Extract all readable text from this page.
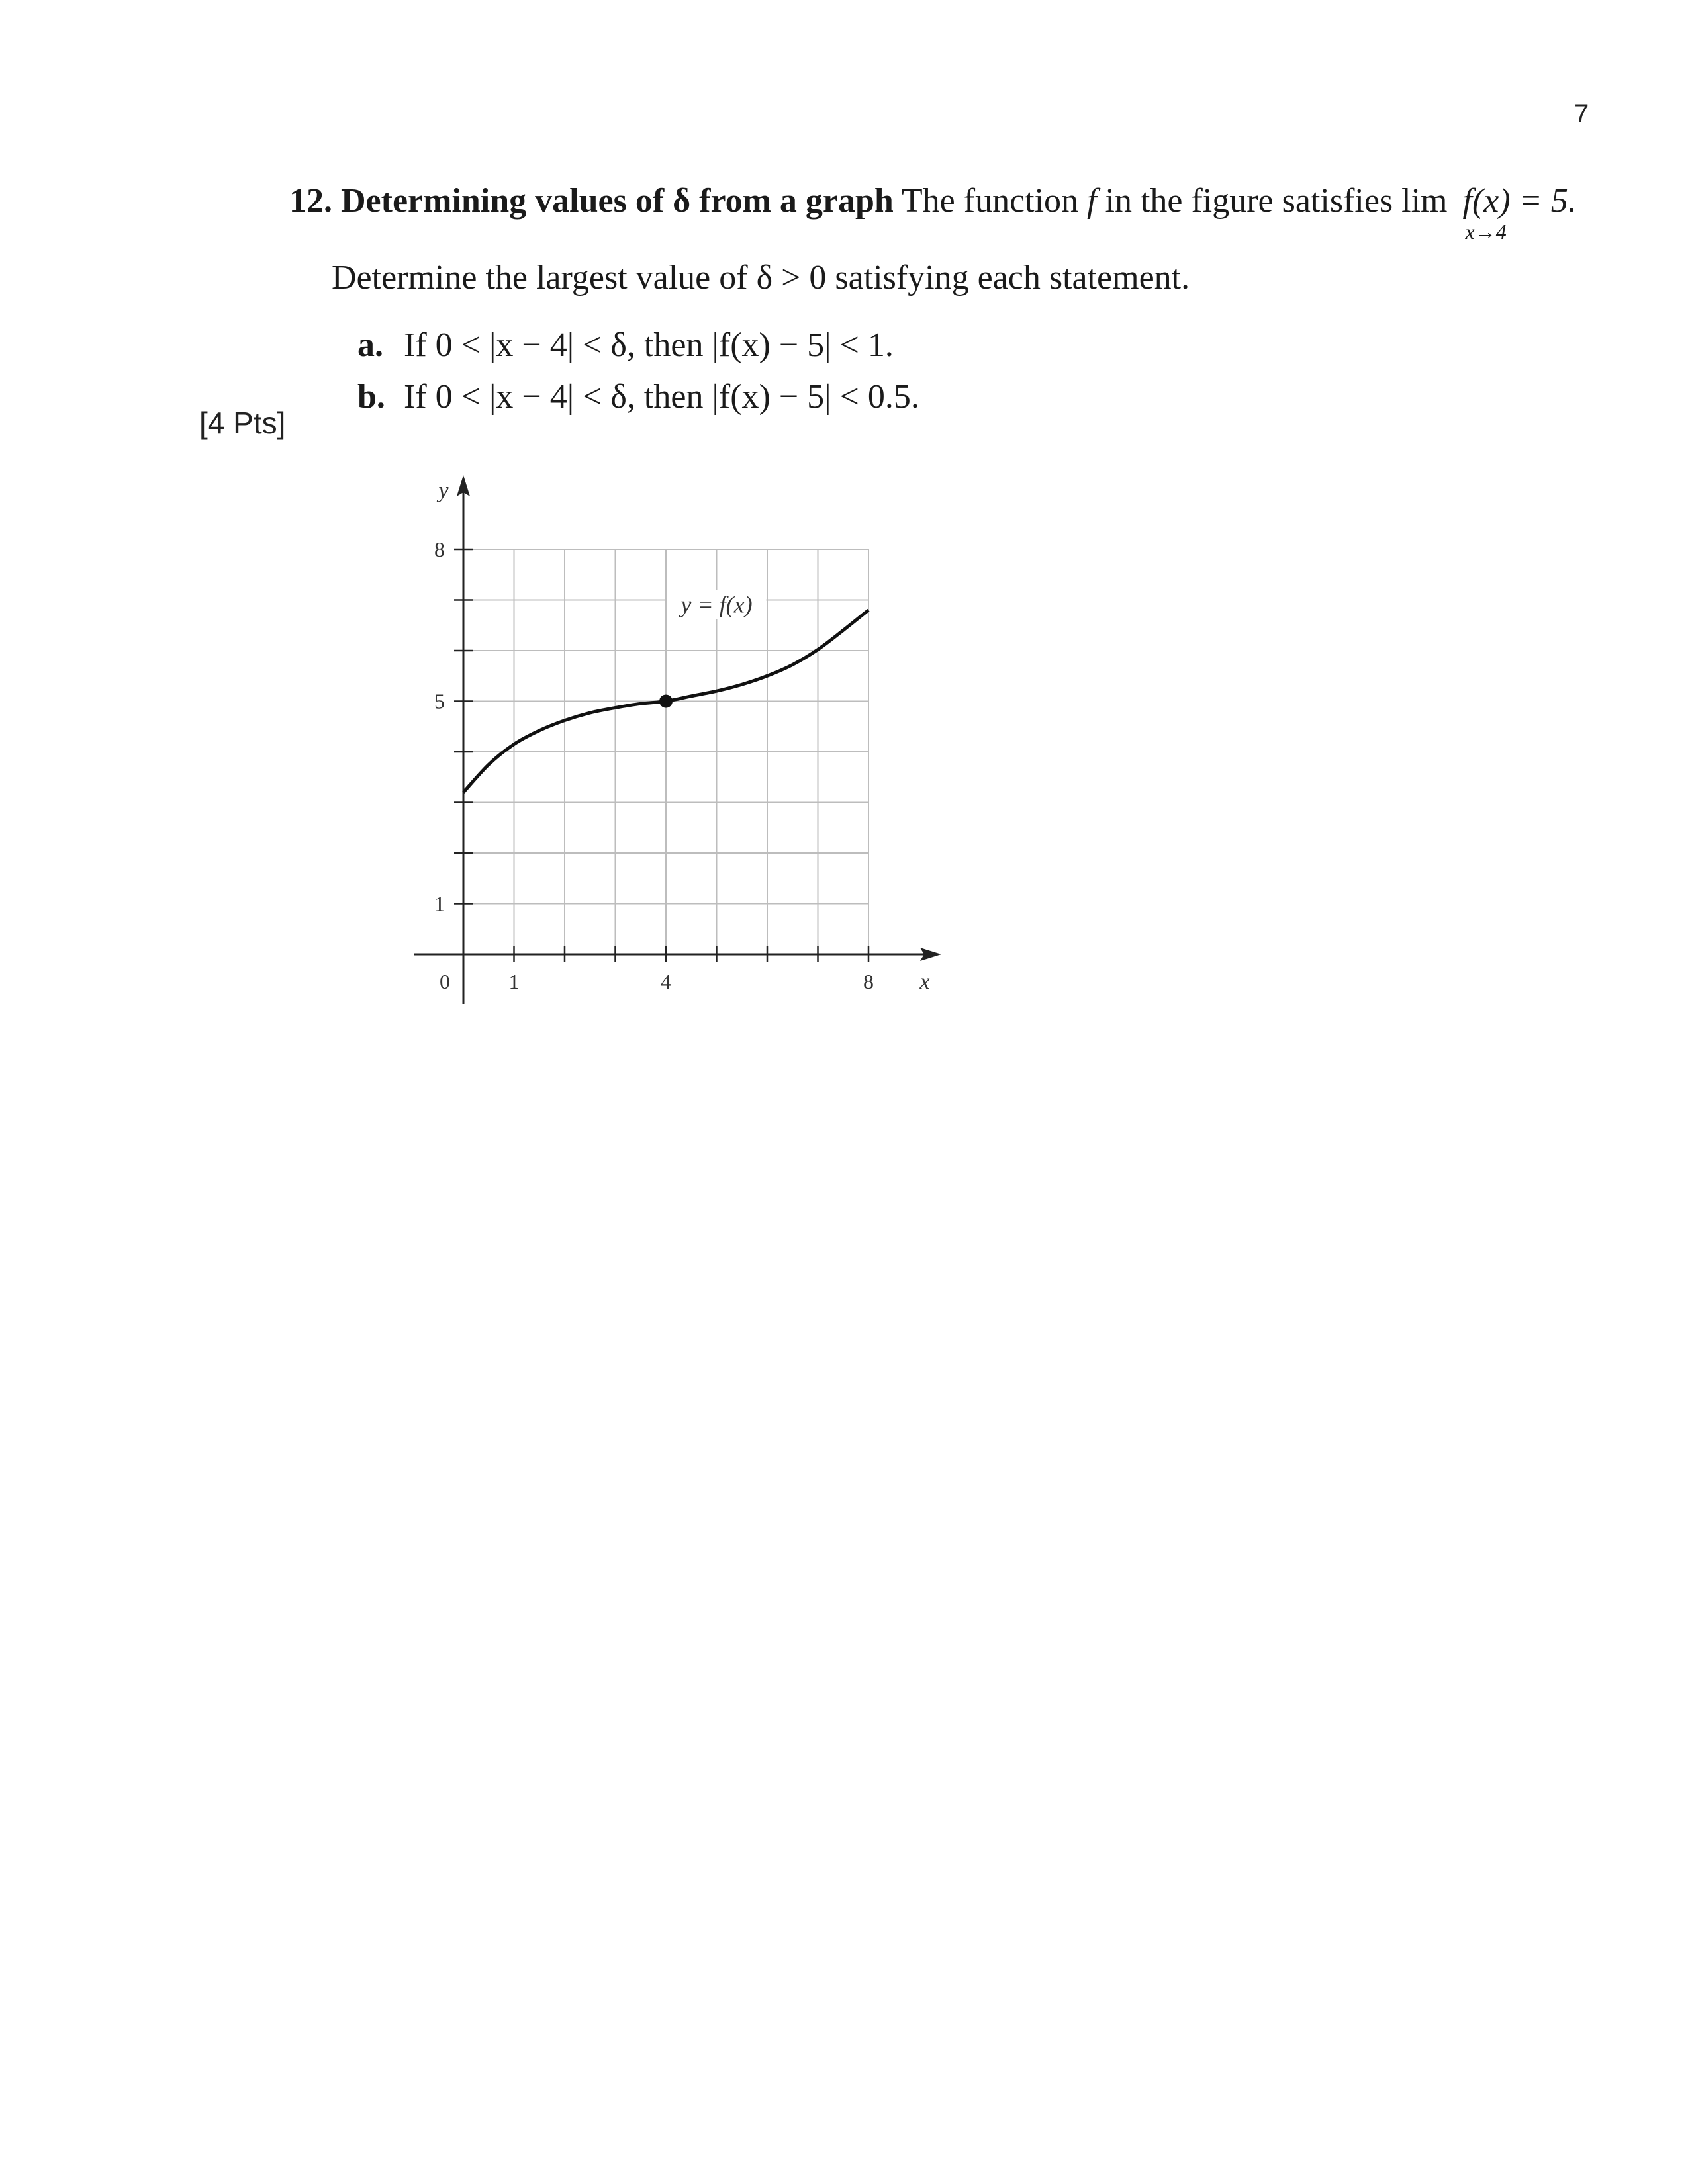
7
12. Determining values of δ from a graph The function f in the figure satisfies lim f(x) = 5.
x→4
Determine the largest value of δ > 0 satisfying each statement.
a. If 0 < |x − 4| < δ, then |f(x) − 5| < 1.
b. If 0 < |x − 4| < δ, then |f(x) − 5| < 0.5.
[4 Pts]
0	1	4	8
1
5
8
x
y
y = f(x)
